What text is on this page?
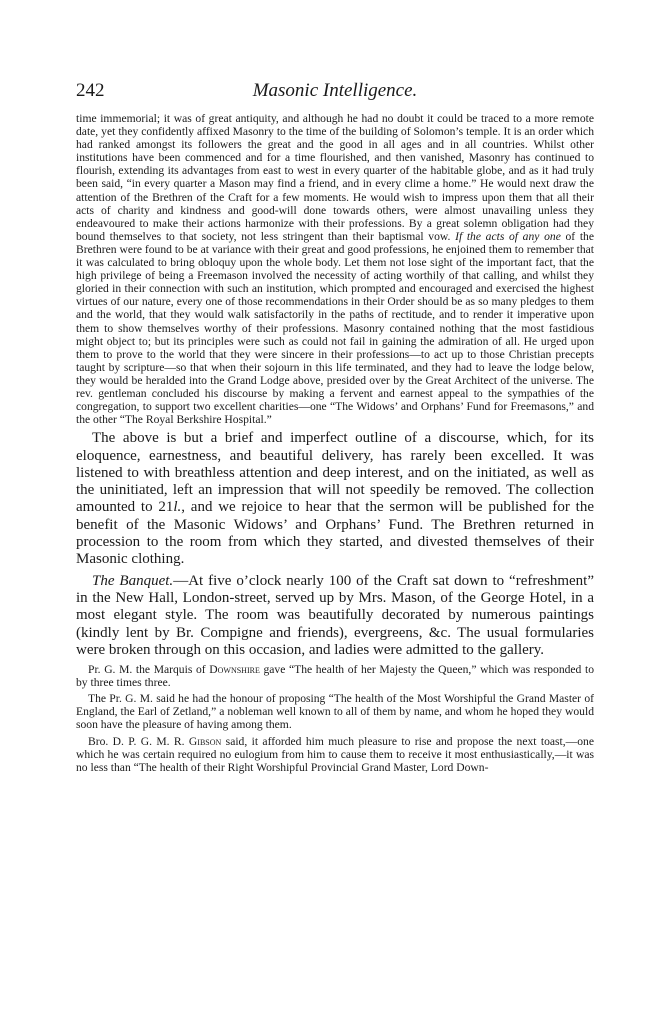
242	Masonic Intelligence.

time immemorial; it was of great antiquity, and although he had no doubt it could be traced to a more remote date, yet they confidently affixed Masonry to the time of the building of Solomon’s temple. It is an order which had ranked amongst its followers the great and the good in all ages and in all countries. Whilst other institutions have been commenced and for a time flourished, and then vanished, Masonry has continued to flourish, extending its advantages from east to west in every quarter of the habitable globe, and as it had truly been said, “in every quarter a Mason may find a friend, and in every clime a home.” He would next draw the attention of the Brethren of the Craft for a few moments. He would wish to impress upon them that all their acts of charity and kindness and good-will done towards others, were almost unavailing unless they endeavoured to make their actions harmonize with their professions. By a great solemn obligation had they bound themselves to that society, not less stringent than their baptismal vow. If the acts of any one of the Brethren were found to be at variance with their great and good professions, he enjoined them to remember that it was calculated to bring obloquy upon the whole body. Let them not lose sight of the important fact, that the high privilege of being a Freemason involved the necessity of acting worthily of that calling, and whilst they gloried in their connection with such an institution, which prompted and encouraged and exercised the highest virtues of our nature, every one of those recommendations in their Order should be as so many pledges to them and the world, that they would walk satisfactorily in the paths of rectitude, and to render it imperative upon them to show themselves worthy of their professions. Masonry contained nothing that the most fastidious might object to; but its principles were such as could not fail in gaining the admiration of all. He urged upon them to prove to the world that they were sincere in their professions—to act up to those Christian precepts taught by scripture—so that when their sojourn in this life terminated, and they had to leave the lodge below, they would be heralded into the Grand Lodge above, presided over by the Great Architect of the universe. The rev. gentleman concluded his discourse by making a fervent and earnest appeal to the sympathies of the congregation, to support two excellent charities—one “The Widows’ and Orphans’ Fund for Freemasons,” and the other “The Royal Berkshire Hospital.”

The above is but a brief and imperfect outline of a discourse, which, for its eloquence, earnestness, and beautiful delivery, has rarely been excelled. It was listened to with breathless attention and deep interest, and on the initiated, as well as the uninitiated, left an impression that will not speedily be removed. The collection amounted to 21l., and we rejoice to hear that the sermon will be published for the benefit of the Masonic Widows’ and Orphans’ Fund. The Brethren returned in procession to the room from which they started, and divested themselves of their Masonic clothing.

The Banquet.—At five o’clock nearly 100 of the Craft sat down to “refreshment” in the New Hall, London-street, served up by Mrs. Mason, of the George Hotel, in a most elegant style. The room was beautifully decorated by numerous paintings (kindly lent by Br. Compigne and friends), evergreens, &c. The usual formularies were broken through on this occasion, and ladies were admitted to the gallery.

Pr. G. M. the Marquis of Downshire gave “The health of her Majesty the Queen,” which was responded to by three times three.

The Pr. G. M. said he had the honour of proposing “The health of the Most Worshipful the Grand Master of England, the Earl of Zetland,” a nobleman well known to all of them by name, and whom he hoped they would soon have the pleasure of having among them.

Bro. D. P. G. M. R. Gibson said, it afforded him much pleasure to rise and propose the next toast,—one which he was certain required no eulogium from him to cause them to receive it most enthusiastically,—it was no less than “The health of their Right Worshipful Provincial Grand Master, Lord Down-
